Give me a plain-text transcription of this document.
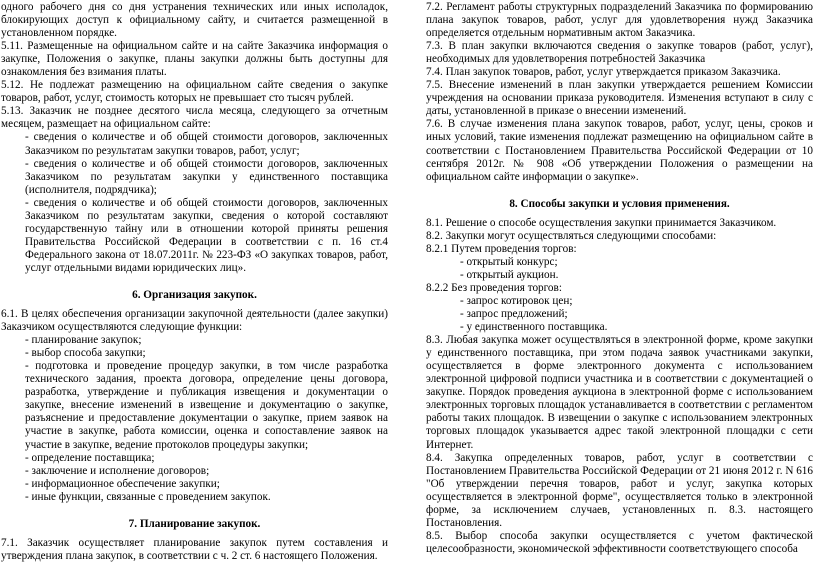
одного рабочего дня со дня устранения технических или иных исполадок, блокирующих доступ к официальному сайту, и считается размещенной в установленном порядке.

5.11. Размещенные на официальном сайте и на сайте Заказчика информация о закупке, Положения о закупке, планы закупки должны быть доступны для ознакомления без взимания платы.

5.12. Не подлежат размещению на официальном сайте сведения о закупке товаров, работ, услуг, стоимость которых не превышает сто тысяч рублей.

5.13. Заказчик не позднее десятого числа месяца, следующего за отчетным месяцем, размещает на официальном сайте:

- сведения о количестве и об общей стоимости договоров, заключенных Заказчиком по результатам закупки товаров, работ, услуг;

- сведения о количестве и об общей стоимости договоров, заключенных Заказчиком по результатам закупки у единственного поставщика (исполнителя, подрядчика);

- сведения о количестве и об общей стоимости договоров, заключенных Заказчиком по результатам закупки, сведения о которой составляют государственную тайну или в отношении которой приняты решения Правительства Российской Федерации в соответствии с п. 16 ст.4 Федерального закона от 18.07.2011г. № 223-ФЗ «О закупках товаров, работ, услуг отдельными видами юридических лиц».

6. Организация закупок.

6.1. В целях обеспечения организации закупочной деятельности (далее закупки) Заказчиком осуществляются следующие функции:

- планирование закупок;

- выбор способа закупки;

- подготовка и проведение процедур закупки, в том числе разработка технического задания, проекта договора, определение цены договора, разработка, утверждение и публикация извещения и документации о закупке, внесение изменений в извещение и документацию о закупке, разъяснение и предоставление документации о закупке, прием заявок на участие в закупке, работа комиссии, оценка и сопоставление заявок на участие в закупке, ведение протоколов процедуры закупки;

- определение поставщика;

- заключение и исполнение договоров;

- информационное обеспечение закупки;

- иные функции, связанные с проведением закупок.

7. Планирование закупок.

7.1. Заказчик осуществляет планирование закупок путем составления и утверждения плана закупок, в соответствии с ч. 2 ст. 6 настоящего Положения.

7.2. Регламент работы структурных подразделений Заказчика по формированию плана закупок товаров, работ, услуг для удовлетворения нужд Заказчика определяется отдельным нормативным актом Заказчика.

7.3. В план закупки включаются сведения о закупке товаров (работ, услуг), необходимых для удовлетворения потребностей Заказчика

7.4. План закупок товаров, работ, услуг утверждается приказом Заказчика.

7.5. Внесение изменений в план закупки утверждается решением Комиссии учреждения на основании приказа руководителя. Изменения вступают в силу с даты, установленной в приказе о внесении изменений.

7.6. В случае изменения плана закупок товаров, работ, услуг, цены, сроков и иных условий, такие изменения подлежат размещению на официальном сайте в соответствии с Постановлением Правительства Российской Федерации от 10 сентября 2012г. № 908 «Об утверждении Положения о размещении на официальном сайте информации о закупке».

8. Способы закупки и условия применения.

8.1. Решение о способе осуществления закупки принимается Заказчиком.

8.2. Закупки могут осуществляться следующими способами:

8.2.1 Путем проведения торгов:

- открытый конкурс;

- открытый аукцион.

8.2.2 Без проведения торгов:

- запрос котировок цен;

- запрос предложений;

- у единственного поставщика.

8.3. Любая закупка может осуществляться в электронной форме, кроме закупки у единственного поставщика, при этом подача заявок участниками закупки, осуществляется в форме электронного документа с использованием электронной цифровой подписи участника и в соответствии с документацией о закупке. Порядок проведения аукциона в электронной форме с использованием электронных торговых площадок устанавливается в соответствии с регламентом работы таких площадок. В извещении о закупке с использованием электронных торговых площадок указывается адрес такой электронной площадки с сети Интернет.

8.4. Закупка определенных товаров, работ, услуг в соответствии с Постановлением Правительства Российской Федерации от 21 июня 2012 г. N 616 "Об утверждении перечня товаров, работ и услуг, закупка которых осуществляется в электронной форме", осуществляется только в электронной форме, за исключением случаев, установленных п. 8.3. настоящего Постановления.

8.5. Выбор способа закупки осуществляется с учетом фактической целесообразности, экономической эффективности соответствующего способа
